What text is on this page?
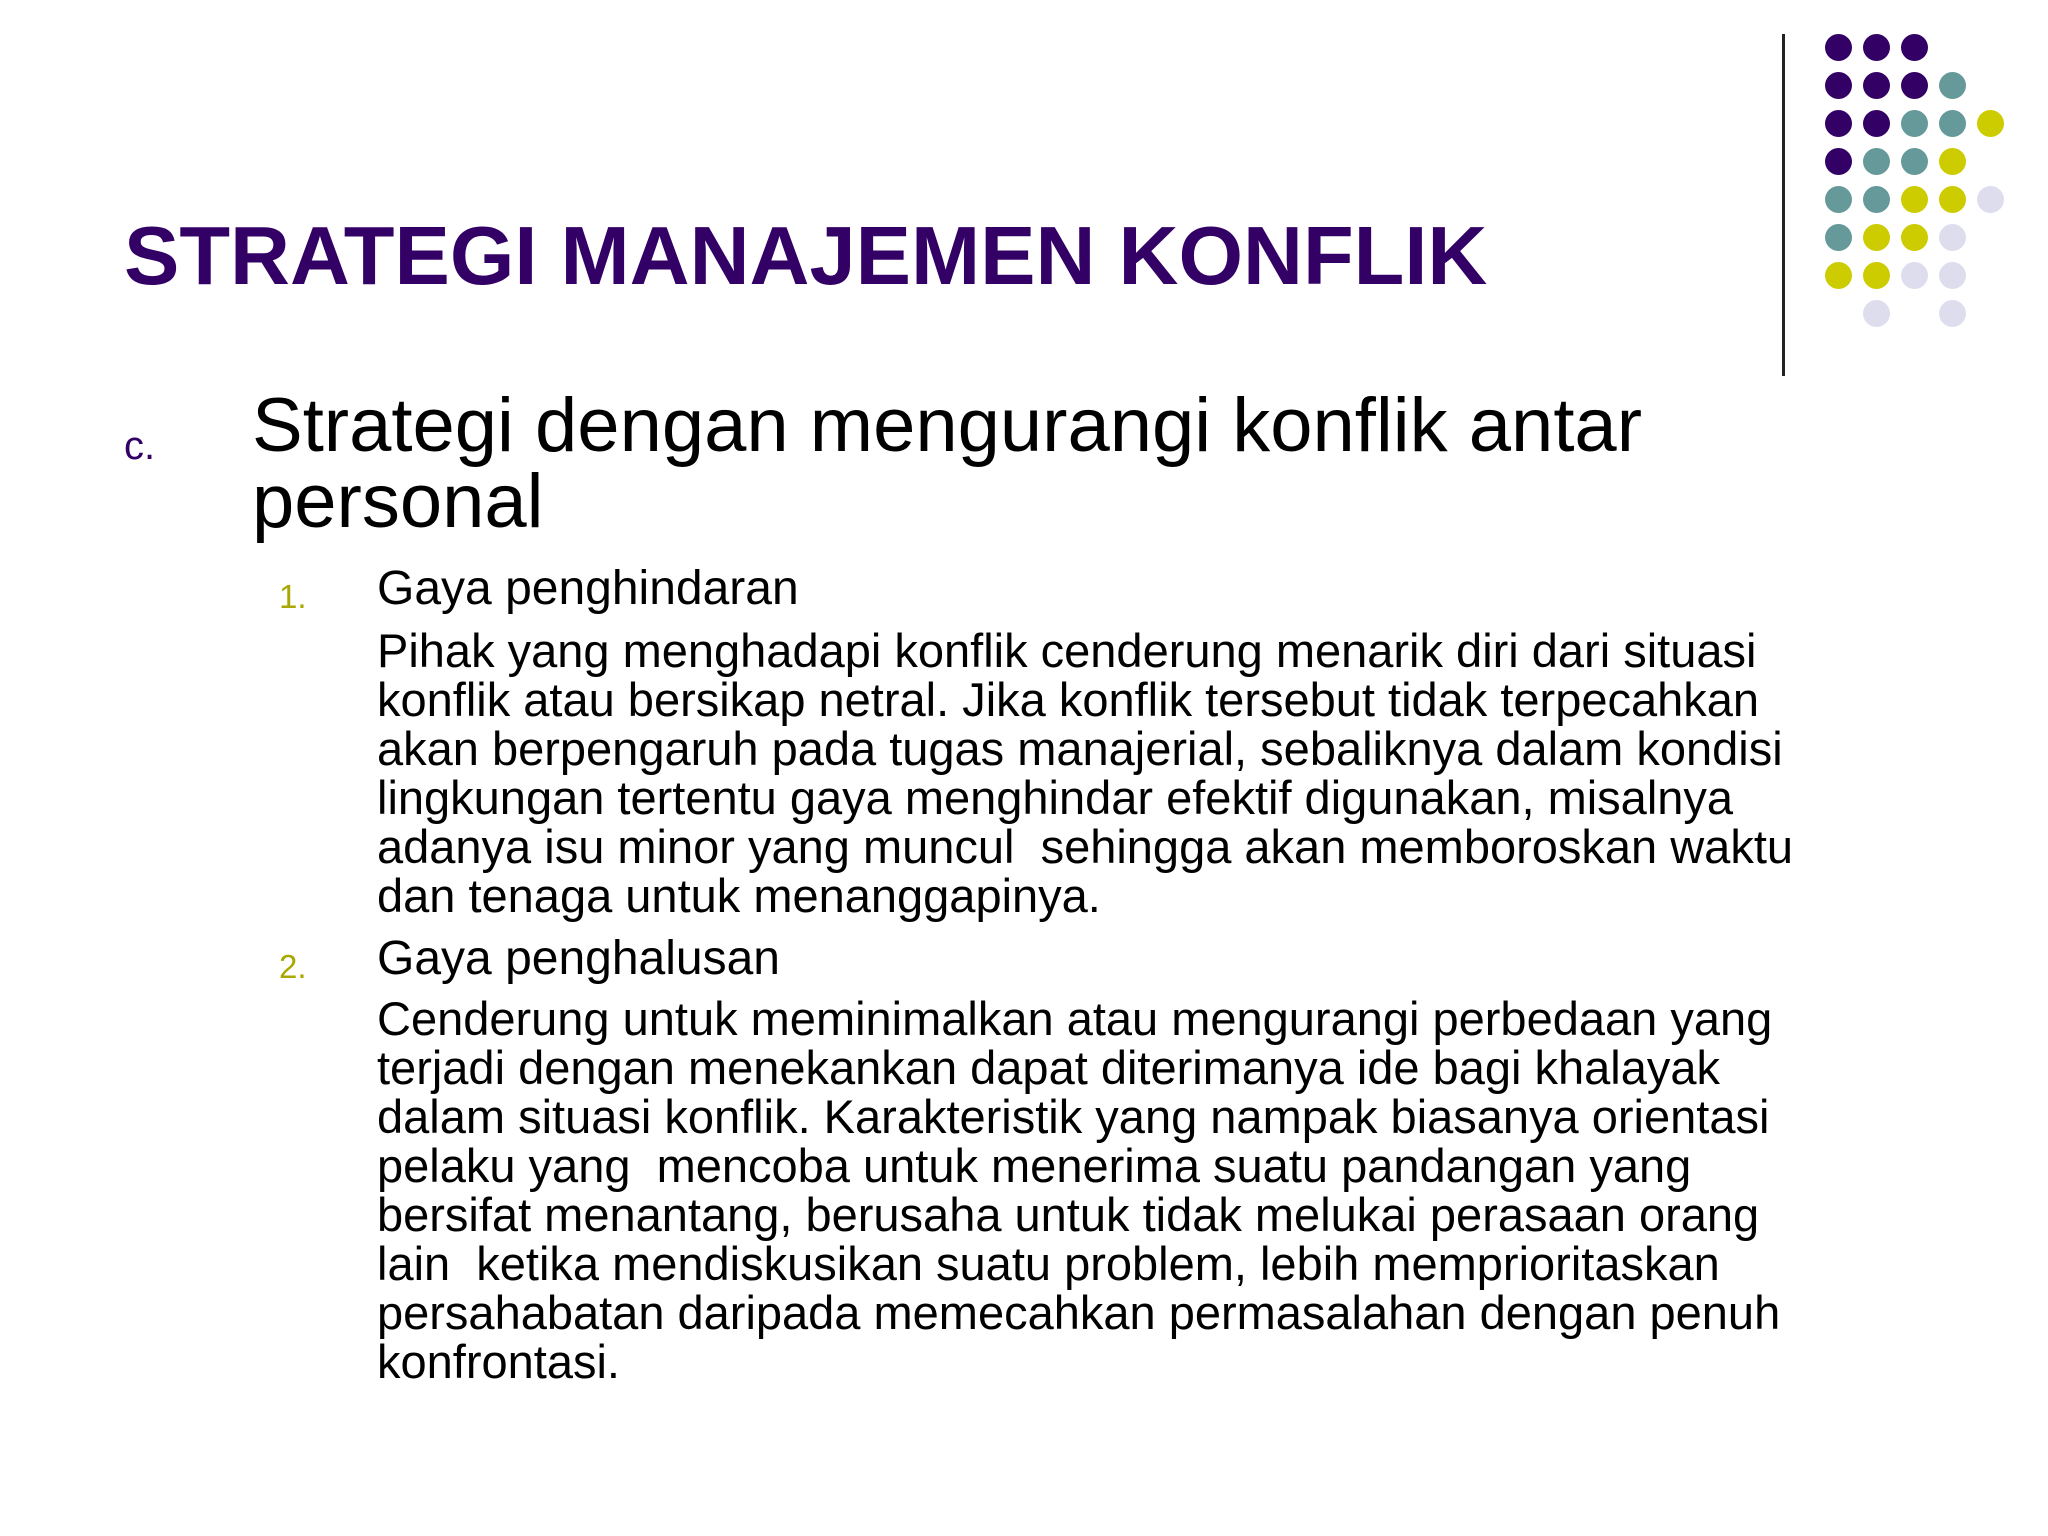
STRATEGI MANAJEMEN KONFLIK
c. Strategi dengan mengurangi konflik antar personal
1. Gaya penghindaran
Pihak yang menghadapi konflik cenderung menarik diri dari situasi
konflik atau bersikap netral. Jika konflik tersebut tidak terpecahkan
akan berpengaruh pada tugas manajerial, sebaliknya dalam kondisi
lingkungan tertentu gaya menghindar efektif digunakan, misalnya
adanya isu minor yang muncul  sehingga akan memboroskan waktu
dan tenaga untuk menanggapinya.
2. Gaya penghalusan
Cenderung untuk meminimalkan atau mengurangi perbedaan yang
terjadi dengan menekankan dapat diterimanya ide bagi khalayak
dalam situasi konflik. Karakteristik yang nampak biasanya orientasi
pelaku yang  mencoba untuk menerima suatu pandangan yang
bersifat menantang, berusaha untuk tidak melukai perasaan orang
lain  ketika mendiskusikan suatu problem, lebih memprioritaskan
persahabatan daripada memecahkan permasalahan dengan penuh
konfrontasi.
